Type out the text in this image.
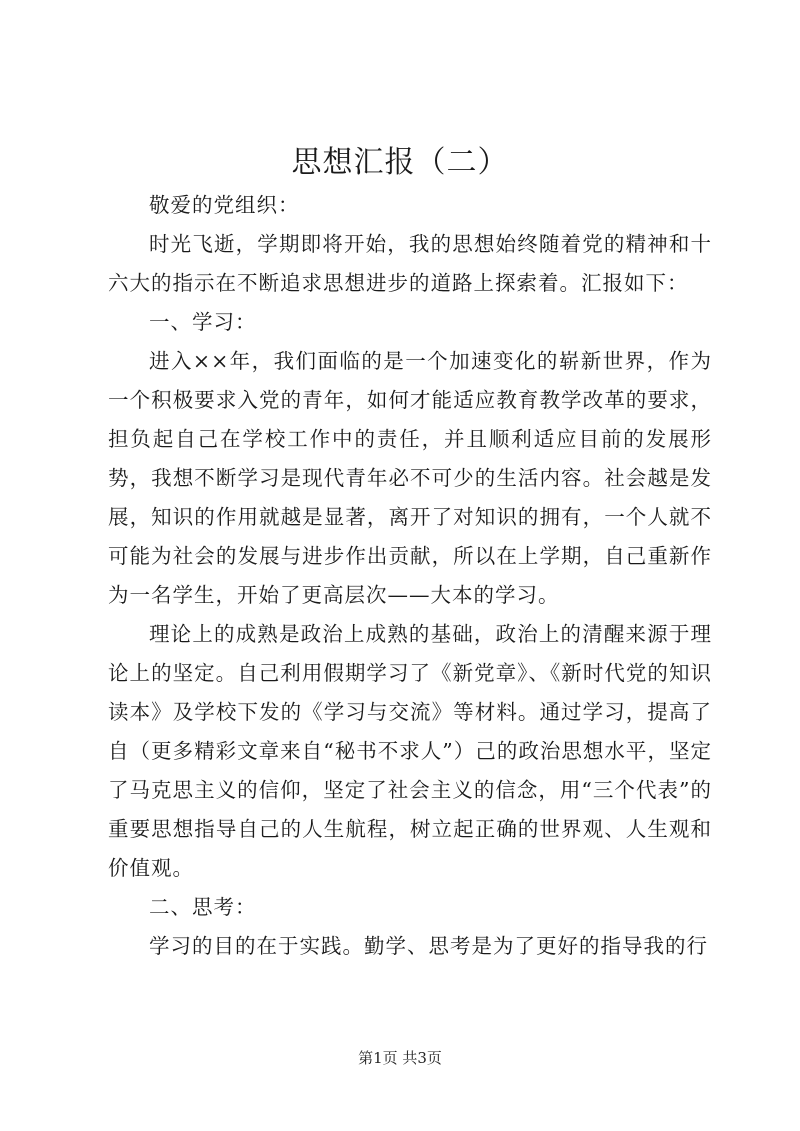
思想汇报（二）

敬爱的党组织：

时光飞逝，学期即将开始，我的思想始终随着党的精神和十六大的指示在不断追求思想进步的道路上探索着。汇报如下：

一、学习：

进入××年，我们面临的是一个加速变化的崭新世界，作为一个积极要求入党的青年，如何才能适应教育教学改革的要求，担负起自己在学校工作中的责任，并且顺利适应目前的发展形势，我想不断学习是现代青年必不可少的生活内容。社会越是发展，知识的作用就越是显著，离开了对知识的拥有，一个人就不可能为社会的发展与进步作出贡献，所以在上学期，自己重新作为一名学生，开始了更高层次——大本的学习。

理论上的成熟是政治上成熟的基础，政治上的清醒来源于理论上的坚定。自己利用假期学习了《新党章》、《新时代党的知识读本》及学校下发的《学习与交流》等材料。通过学习，提高了自（更多精彩文章来自“秘书不求人”）己的政治思想水平，坚定了马克思主义的信仰，坚定了社会主义的信念，用“三个代表”的重要思想指导自己的人生航程，树立起正确的世界观、人生观和价值观。

二、思考：

学习的目的在于实践。勤学、思考是为了更好的指导我的行

第1页 共3页
